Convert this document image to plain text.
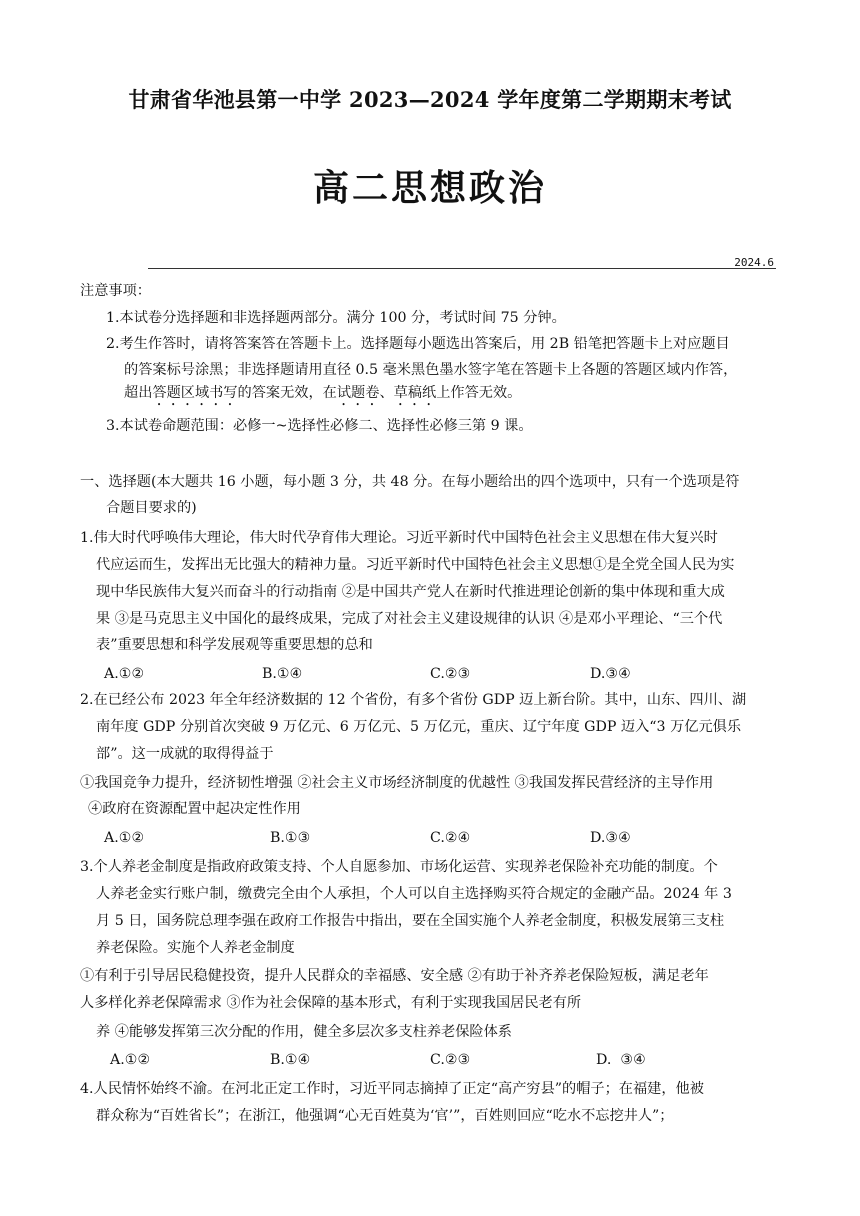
甘肃省华池县第一中学 2023—2024 学年度第二学期期末考试
高二思想政治
2024.6
注意事项：
1.本试卷分选择题和非选择题两部分。满分 100 分，考试时间 75 分钟。
2.考生作答时，请将答案答在答题卡上。选择题每小题选出答案后，用 2B 铅笔把答题卡上对应题目
的答案标号涂黑；非选择题请用直径 0.5 毫米黑色墨水签字笔在答题卡上各题的答题区域内作答，
超出答题区域书写的答案无效，在试题卷、草稿纸上作答无效。
3.本试卷命题范围：必修一~选择性必修二、选择性必修三第 9 课。
一、选择题(本大题共 16 小题，每小题 3 分，共 48 分。在每小题给出的四个选项中，只有一个选项是符
合题目要求的)
1.伟大时代呼唤伟大理论，伟大时代孕育伟大理论。习近平新时代中国特色社会主义思想在伟大复兴时
代应运而生，发挥出无比强大的精神力量。习近平新时代中国特色社会主义思想①是全党全国人民为实
现中华民族伟大复兴而奋斗的行动指南 ②是中国共产党人在新时代推进理论创新的集中体现和重大成
果 ③是马克思主义中国化的最终成果，完成了对社会主义建设规律的认识 ④是邓小平理论、“三个代
表”重要思想和科学发展观等重要思想的总和
A.①②	B.①④	C.②③	D.③④
2.在已经公布 2023 年全年经济数据的 12 个省份，有多个省份 GDP 迈上新台阶。其中，山东、四川、湖
南年度 GDP 分别首次突破 9 万亿元、6 万亿元、5 万亿元，重庆、辽宁年度 GDP 迈入“3 万亿元俱乐
部”。这一成就的取得得益于
①我国竞争力提升，经济韧性增强 ②社会主义市场经济制度的优越性 ③我国发挥民营经济的主导作用
④政府在资源配置中起决定性作用
A.①②	B.①③	C.②④	D.③④
3.个人养老金制度是指政府政策支持、个人自愿参加、市场化运营、实现养老保险补充功能的制度。个
人养老金实行账户制，缴费完全由个人承担，个人可以自主选择购买符合规定的金融产品。2024 年 3
月 5 日，国务院总理李强在政府工作报告中指出，要在全国实施个人养老金制度，积极发展第三支柱
养老保险。实施个人养老金制度
①有利于引导居民稳健投资，提升人民群众的幸福感、安全感 ②有助于补齐养老保险短板，满足老年
人多样化养老保障需求 ③作为社会保障的基本形式，有利于实现我国居民老有所
养 ④能够发挥第三次分配的作用，健全多层次多支柱养老保险体系
A.①②	B.①④	C.②③	D.  ③④
4.人民情怀始终不渝。在河北正定工作时，习近平同志摘掉了正定“高产穷县”的帽子；在福建，他被
群众称为“百姓省长”；在浙江，他强调“心无百姓莫为‘官’”，百姓则回应“吃水不忘挖井人”；
